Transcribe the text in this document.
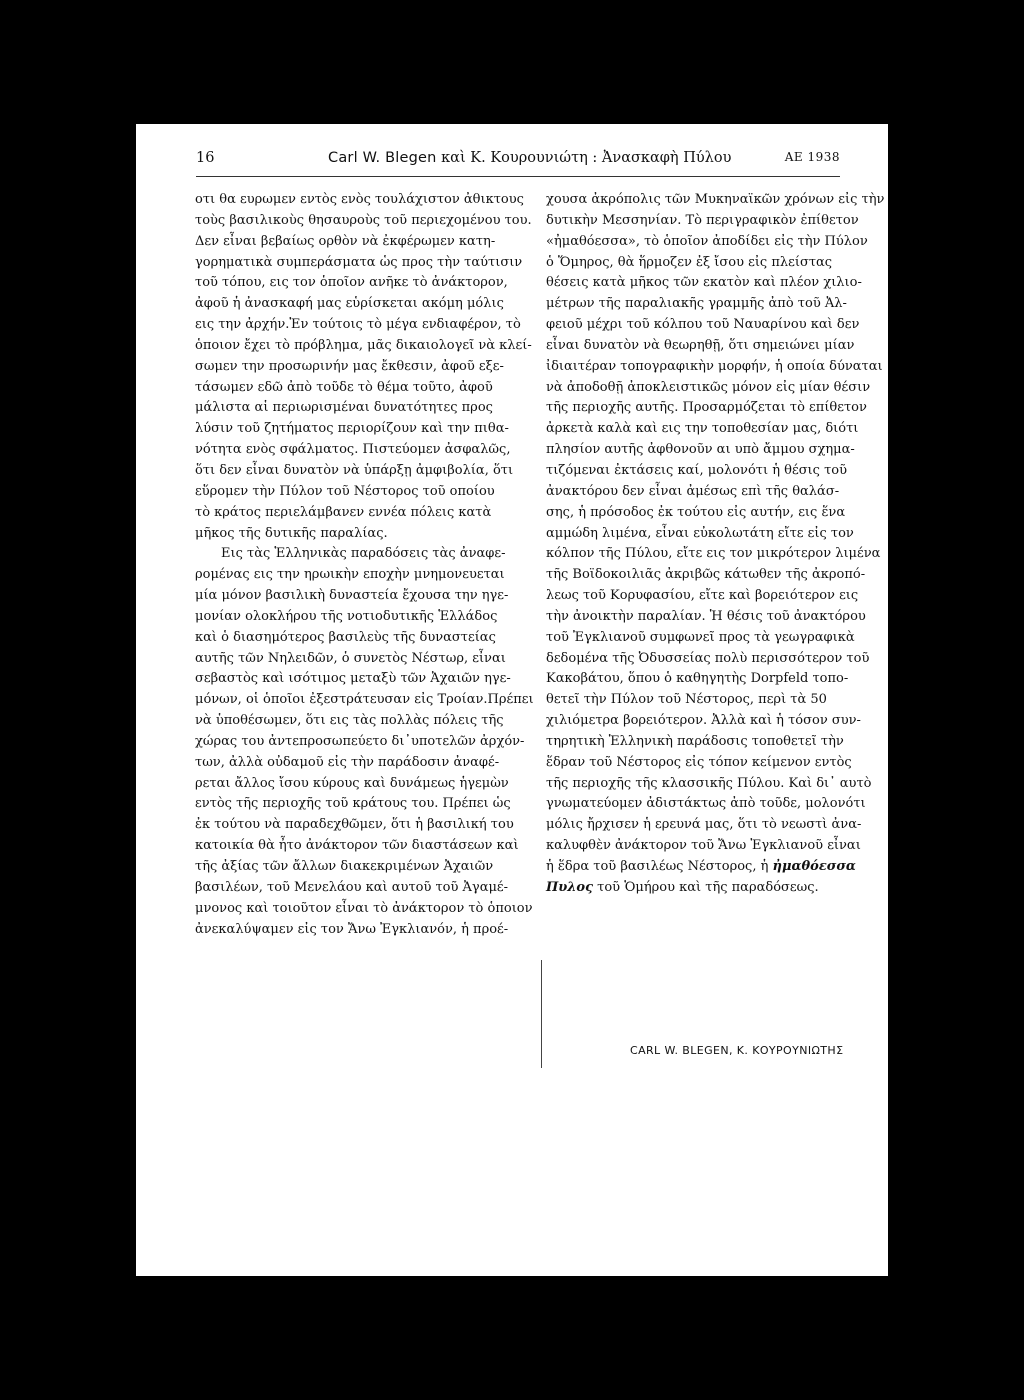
16	Carl W. Blegen καὶ Κ. Κουρουνιώτη : Ἀνασκαφὴ Πύλου	ΑΕ 1938
οτι θα ευρωμεν εντὸς ενὸς τουλάχιστον ἀθικτους
τοὺς βασιλικοὺς θησαυροὺς τοῦ περιεχομένου του.
Δεν εἶναι βεβαίως ορθὸν νὰ ἐκφέρωμεν κατη-
γορηματικὰ συμπεράσματα ὡς προς τὴν ταύτισιν
τοῦ τόπου, εις τον ὁποῖον ανῆκε τὸ ἀνάκτορον,
ἀφοῦ ἡ ἀνασκαφή μας εὑρίσκεται ακόμη μόλις
εις την ἀρχήν.Ἐν τούτοις τὸ μέγα ενδιαφέρον, τὸ
ὁποιον ἔχει τὸ πρόβλημα, μᾶς δικαιολογεῖ νὰ κλεί-
σωμεν την προσωρινήν μας ἔκθεσιν, ἀφοῦ εξε-
τάσωμεν εδῶ ἀπὸ τοῦδε τὸ θέμα τοῦτο, ἀφοῦ
μάλιστα αἱ περιωρισμέναι δυνατότητες προς
λύσιν τοῦ ζητήματος περιορίζουν καὶ την πιθα-
νότητα ενὸς σφάλματος. Πιστεύομεν ἀσφαλῶς,
ὅτι δεν εἶναι δυνατὸν νὰ ὑπάρξῃ ἀμφιβολία, ὅτι
εὕρομεν τὴν Πύλον τοῦ Νέστορος τοῦ οποίου
τὸ κράτος περιελάμβανεν εννέα πόλεις κατὰ
μῆκος τῆς δυτικῆς παραλίας.
Εις τὰς Ἑλληνικὰς παραδόσεις τὰς ἀναφε-
ρομένας εις την ηρωικὴν εποχὴν μνημονευεται
μία μόνον βασιλικὴ δυναστεία ἔχουσα την ηγε-
μονίαν ολοκλήρου τῆς νοτιοδυτικῆς Ἑλλάδος
καὶ ὁ διασημότερος βασιλεὺς τῆς δυναστείας
αυτῆς τῶν Νηλειδῶν, ὁ συνετὸς Νέστωρ, εἶναι
σεβαστὸς καὶ ισότιμος μεταξὺ τῶν Ἀχαιῶν ηγε-
μόνων, οἱ ὁποῖοι ἐξεστράτευσαν εἰς Τροίαν.Πρέπει
νὰ ὑποθέσωμεν, ὅτι εις τὰς πολλὰς πόλεις τῆς
χώρας του ἀντεπροσωπεύετο δι᾽υποτελῶν ἀρχόν-
των, ἀλλὰ οὐδαμοῦ εἰς τὴν παράδοσιν ἀναφέ-
ρεται ἄλλος ἴσου κύρους καὶ δυνάμεως ἡγεμὼν
εντὸς τῆς περιοχῆς τοῦ κράτους του. Πρέπει ὡς
ἐκ τούτου νὰ παραδεχθῶμεν, ὅτι ἡ βασιλική του
κατοικία θὰ ἦτο ἀνάκτορον τῶν διαστάσεων καὶ
τῆς ἀξίας τῶν ἄλλων διακεκριμένων Ἀχαιῶν
βασιλέων, τοῦ Μενελάου καὶ αυτοῦ τοῦ Ἀγαμέ-
μνονος καὶ τοιοῦτον εἶναι τὸ ἀνάκτορον τὸ ὁποιον
ἀνεκαλύψαμεν εἰς τον Ἄνω Ἐγκλιανόν, ἡ προέ-
χουσα ἀκρόπολις τῶν Μυκηναϊκῶν χρόνων εἰς τὴν
δυτικὴν Μεσσηνίαν. Τὸ περιγραφικὸν ἐπίθετον
«ἠμαθόεσσα», τὸ ὁποῖον ἀποδίδει εἰς τὴν Πύλον
ὁ Ὅμηρος, θὰ ἥρμοζεν ἐξ ἴσου εἰς πλείστας
θέσεις κατὰ μῆκος τῶν εκατὸν καὶ πλέον χιλιο-
μέτρων τῆς παραλιακῆς γραμμῆς ἀπὸ τοῦ Ἀλ-
φειοῦ μέχρι τοῦ κόλπου τοῦ Ναυαρίνου καὶ δεν
εἶναι δυνατὸν νὰ θεωρηθῇ, ὅτι σημειώνει μίαν
ἰδιαιτέραν τοπογραφικὴν μορφήν, ἡ οποία δύναται
νὰ ἀποδοθῇ ἀποκλειστικῶς μόνον εἰς μίαν θέσιν
τῆς περιοχῆς αυτῆς. Προσαρμόζεται τὸ επίθετον
ἀρκετὰ καλὰ καὶ εις την τοποθεσίαν μας, διότι
πλησίον αυτῆς ἀφθονοῦν αι υπὸ ἄμμου σχημα-
τιζόμεναι ἐκτάσεις καί, μολονότι ἡ θέσις τοῦ
ἀνακτόρου δεν εἶναι ἀμέσως επὶ τῆς θαλάσ-
σης, ἡ πρόσοδος ἐκ τούτου εἰς αυτήν, εις ἕνα
αμμώδη λιμένα, εἶναι εὐκολωτάτη εἴτε εἰς τον
κόλπον τῆς Πύλου, εἴτε εις τον μικρότερον λιμένα
τῆς Βοϊδοκοιλιᾶς ἀκριβῶς κάτωθεν τῆς ἀκροπό-
λεως τοῦ Κορυφασίου, εἴτε καὶ βορειότερον εις
τὴν ἀνοικτὴν παραλίαν. Ἡ θέσις τοῦ ἀνακτόρου
τοῦ Ἐγκλιανοῦ συμφωνεῖ προς τὰ γεωγραφικὰ
δεδομένα τῆς Ὀδυσσείας πολὺ περισσότερον τοῦ
Κακοβάτου, ὅπου ὁ καθηγητὴς Dorpfeld τοπο-
θετεῖ τὴν Πύλον τοῦ Νέστορος, περὶ τὰ 50
χιλιόμετρα βορειότερον. Ἀλλὰ καὶ ἡ τόσον συν-
τηρητικὴ Ἑλληνικὴ παράδοσις τοποθετεῖ τὴν
ἕδραν τοῦ Νέστορος εἰς τόπον κείμενον εντὸς
τῆς περιοχῆς τῆς κλασσικῆς Πύλου. Καὶ δι᾽ αυτὸ
γνωματεύομεν ἀδιστάκτως ἀπὸ τοῦδε, μολονότι
μόλις ἤρχισεν ἡ ερευνά μας, ὅτι τὸ νεωστὶ ἀνα-
καλυφθὲν ἀνάκτορον τοῦ Ἄνω Ἐγκλιανοῦ εἶναι
ἡ ἕδρα τοῦ βασιλέως Νέστορος, ἡ ἠμαθόεσσα
Πυλος τοῦ Ὁμήρου καὶ τῆς παραδόσεως.
CARL W. BLEGEN, K. ΚΟΥΡΟΥΝΙΩΤΗΣ
